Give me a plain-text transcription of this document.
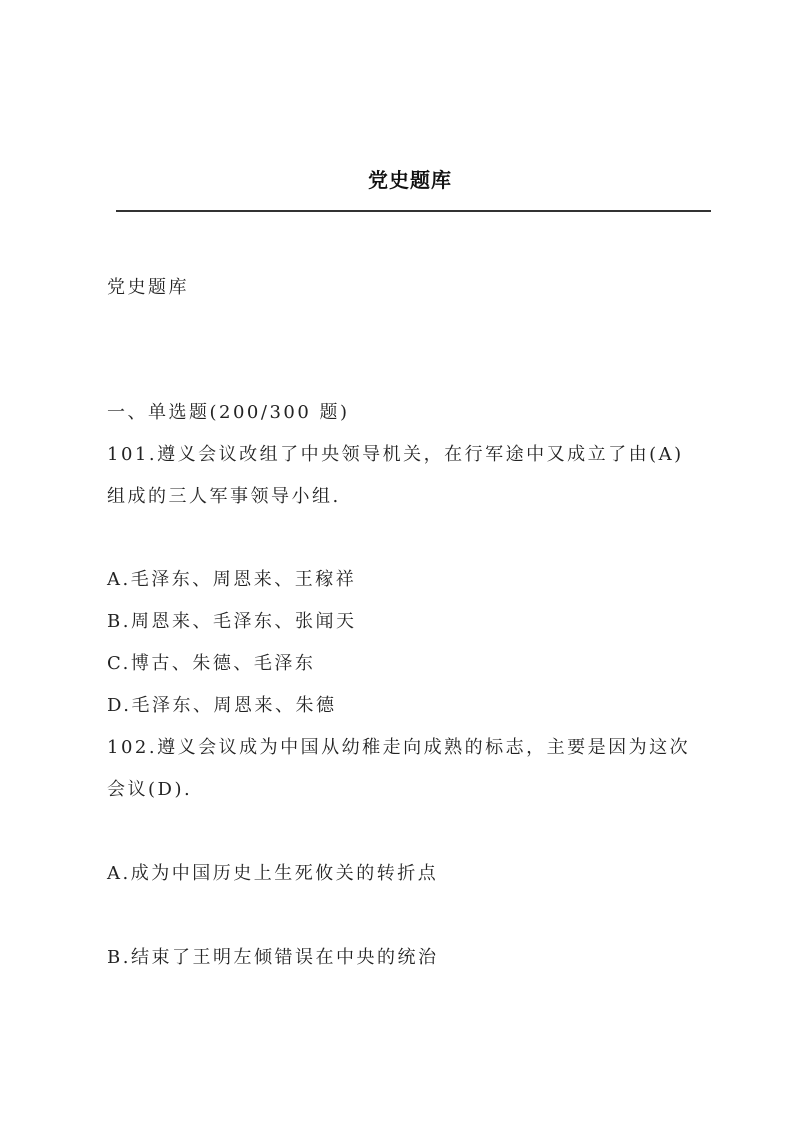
党史题库
党史题库
一、单选题(200/300 题)
101.遵义会议改组了中央领导机关，在行军途中又成立了由(A)
组成的三人军事领导小组.
A.毛泽东、周恩来、王稼祥
B.周恩来、毛泽东、张闻天
C.博古、朱德、毛泽东
D.毛泽东、周恩来、朱德
102.遵义会议成为中国从幼稚走向成熟的标志，主要是因为这次
会议(D).
A.成为中国历史上生死攸关的转折点
B.结束了王明左倾错误在中央的统治
